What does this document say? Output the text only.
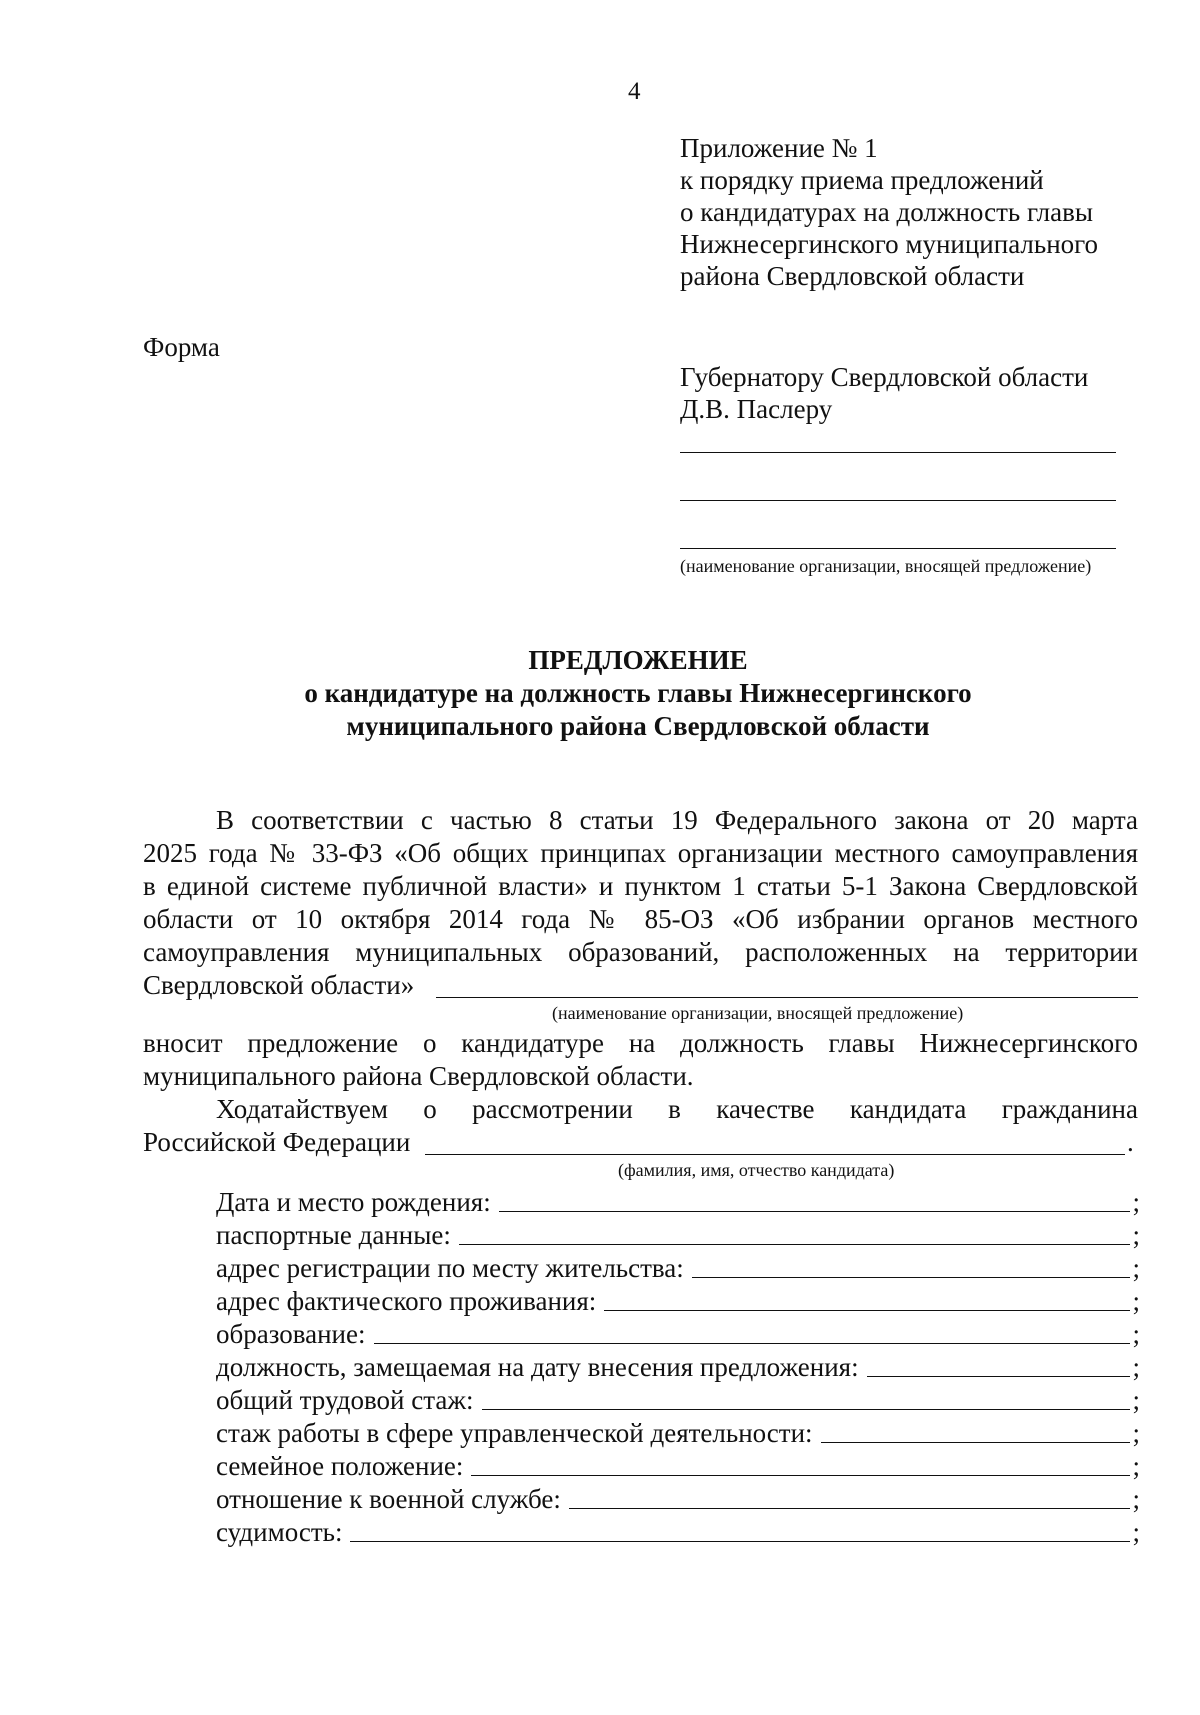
4
Приложение № 1
к порядку приема предложений
о кандидатурах на должность главы
Нижнесергинского муниципального
района Свердловской области
Форма
Губернатору Свердловской области
Д.В. Паслеру
(наименование организации, вносящей предложение)
ПРЕДЛОЖЕНИЕ
о кандидатуре на должность главы Нижнесергинского
муниципального района Свердловской области
В соответствии с частью 8 статьи 19 Федерального закона от 20 марта
2025 года № 33-ФЗ «Об общих принципах организации местного самоуправления
в единой системе публичной власти» и пунктом 1 статьи 5-1 Закона Свердловской
области от 10 октября 2014 года № 85-ОЗ «Об избрании органов местного
самоуправления муниципальных образований, расположенных на территории
Свердловской области»
(наименование организации, вносящей предложение)
вносит предложение о кандидатуре на должность главы Нижнесергинского
муниципального района Свердловской области.
Ходатайствуем о рассмотрении в качестве кандидата гражданина
Российской Федерации	.
(фамилия, имя, отчество кандидата)
Дата и место рождения:	;
паспортные данные:	;
адрес регистрации по месту жительства:	;
адрес фактического проживания:	;
образование:	;
должность, замещаемая на дату внесения предложения:	;
общий трудовой стаж:	;
стаж работы в сфере управленческой деятельности:	;
семейное положение:	;
отношение к военной службе:	;
судимость:	;
